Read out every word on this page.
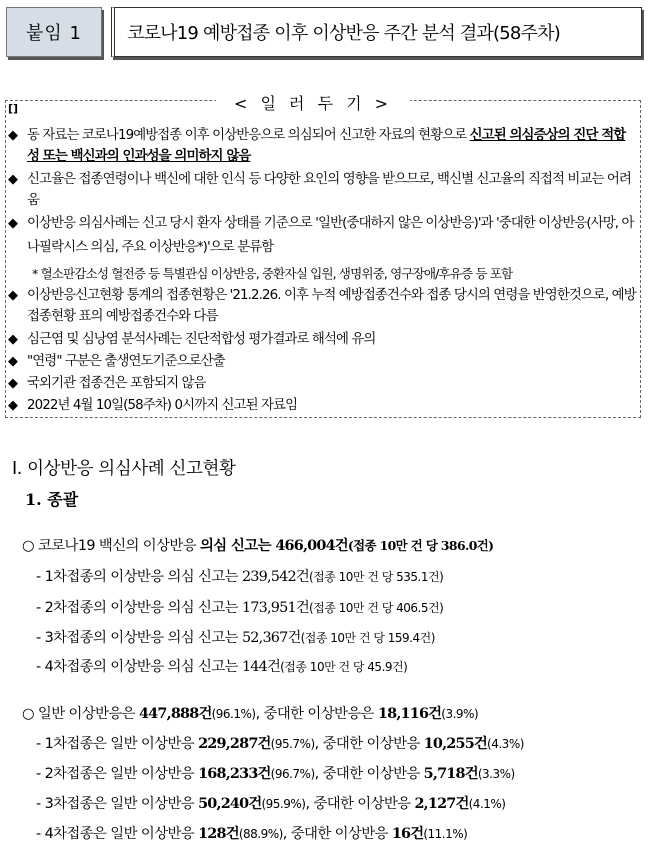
붙임 1	코로나19 예방접종 이후 이상반응 주간 분석 결과(58주차)
< 일 러 두 기 >
[]
◆ 동 자료는 코로나19예방접종 이후 이상반응으로 의심되어 신고한 자료의 현황으로 신고된 의심증상의 진단 적합성 또는 백신과의 인과성을 의미하지 않음
◆ 신고율은 접종연령이나 백신에 대한 인식 등 다양한 요인의 영향을 받으므로, 백신별 신고율의 직접적 비교는 어려움
◆ 이상반응 의심사례는 신고 당시 환자 상태를 기준으로 '일반(중대하지 않은 이상반응)'과 '중대한 이상반응(사망, 아나필락시스 의심, 주요 이상반응*)'으로 분류함
* 혈소판감소성 혈전증 등 특별관심 이상반응, 중환자실 입원, 생명위중, 영구장애/후유증 등 포함
◆ 이상반응신고현황 통계의 접종현황은 '21.2.26. 이후 누적 예방접종건수와 접종 당시의 연령을 반영한것으로, 예방접종현황 표의 예방접종건수와 다름
◆ 심근염 및 심낭염 분석사례는 진단적합성 평가결과로 해석에 유의
◆ "연령" 구분은 출생연도기준으로산출
◆ 국외기관 접종건은 포함되지 않음
◆ 2022년 4월 10일(58주차) 0시까지 신고된 자료임
Ⅰ. 이상반응 의심사례 신고현황
1. 종괄
○ 코로나19 백신의 이상반응 의심 신고는 466,004건(접종 10만 건 당 386.0건)
- 1차접종의 이상반응 의심 신고는 239,542건(접종 10만 건 당 535.1건)
- 2차접종의 이상반응 의심 신고는 173,951건(접종 10만 건 당 406.5건)
- 3차접종의 이상반응 의심 신고는 52,367건(접종 10만 건 당 159.4건)
- 4차접종의 이상반응 의심 신고는 144건(접종 10만 건 당 45.9건)
○ 일반 이상반응은 447,888건(96.1%), 중대한 이상반응은 18,116건(3.9%)
- 1차접종은 일반 이상반응 229,287건(95.7%), 중대한 이상반응 10,255건(4.3%)
- 2차접종은 일반 이상반응 168,233건(96.7%), 중대한 이상반응 5,718건(3.3%)
- 3차접종은 일반 이상반응 50,240건(95.9%), 중대한 이상반응 2,127건(4.1%)
- 4차접종은 일반 이상반응 128건(88.9%), 중대한 이상반응 16건(11.1%)
